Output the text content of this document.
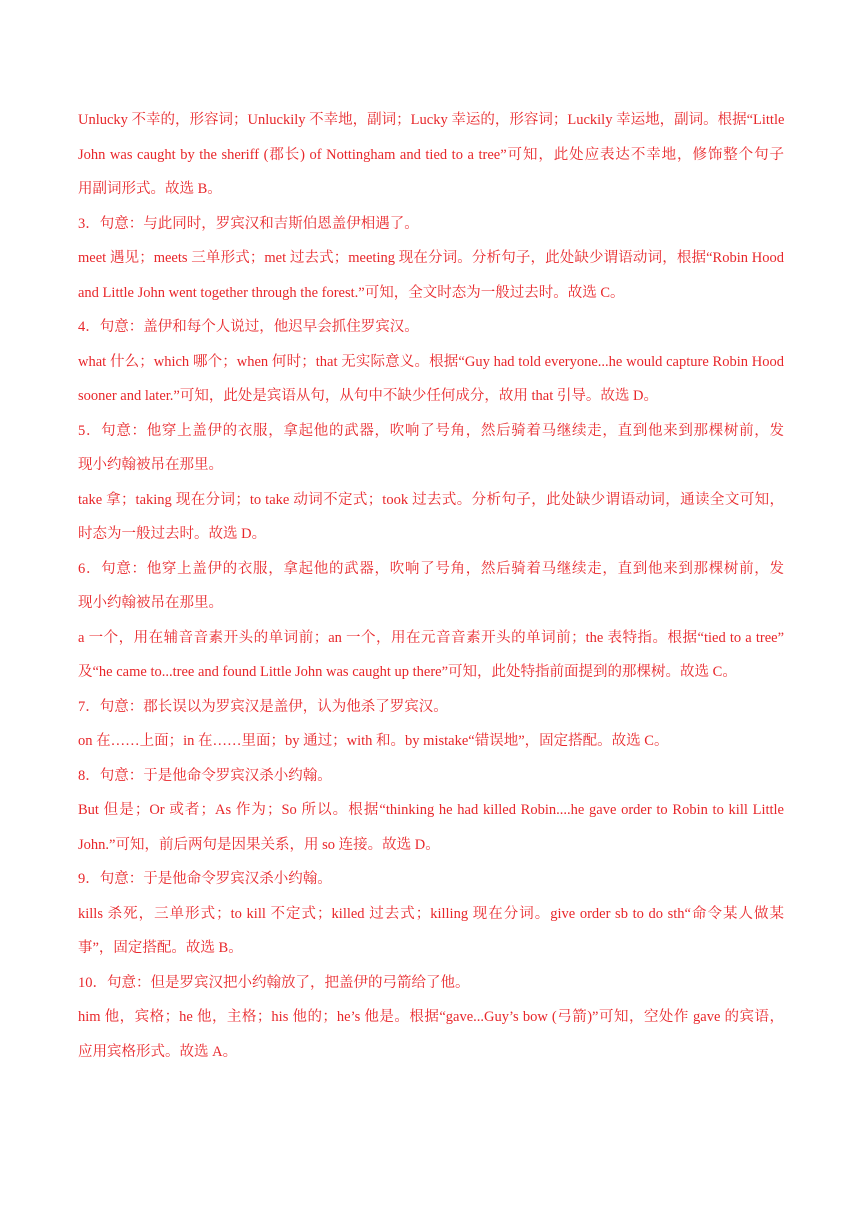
Unlucky 不幸的，形容词；Unluckily 不幸地，副词；Lucky 幸运的，形容词；Luckily 幸运地，副词。根据“Little
John was caught by the sheriff (郡长) of Nottingham and tied to a tree”可知，此处应表达不幸地，修饰整个句子
用副词形式。故选 B。
3．句意：与此同时，罗宾汉和吉斯伯恩盖伊相遇了。
meet 遇见；meets 三单形式；met 过去式；meeting 现在分词。分析句子，此处缺少谓语动词，根据“Robin Hood
and Little John went together through the forest.”可知，全文时态为一般过去时。故选 C。
4．句意：盖伊和每个人说过，他迟早会抓住罗宾汉。
what 什么；which 哪个；when 何时；that 无实际意义。根据“Guy had told everyone...he would capture Robin Hood
sooner and later.”可知，此处是宾语从句，从句中不缺少任何成分，故用 that 引导。故选 D。
5．句意：他穿上盖伊的衣服，拿起他的武器，吹响了号角，然后骑着马继续走，直到他来到那棵树前，发
现小约翰被吊在那里。
take 拿；taking 现在分词；to take 动词不定式；took 过去式。分析句子，此处缺少谓语动词，通读全文可知，
时态为一般过去时。故选 D。
6．句意：他穿上盖伊的衣服，拿起他的武器，吹响了号角，然后骑着马继续走，直到他来到那棵树前，发
现小约翰被吊在那里。
a 一个，用在辅音音素开头的单词前；an 一个，用在元音音素开头的单词前；the 表特指。根据“tied to a tree”
及“he came to...tree and found Little John was caught up there”可知，此处特指前面提到的那棵树。故选 C。
7．句意：郡长误以为罗宾汉是盖伊，认为他杀了罗宾汉。
on 在……上面；in 在……里面；by 通过；with 和。by mistake“错误地”，固定搭配。故选 C。
8．句意：于是他命令罗宾汉杀小约翰。
But 但是；Or 或者；As 作为；So 所以。根据“thinking he had killed Robin....he gave order to Robin to kill Little
John.”可知，前后两句是因果关系，用 so 连接。故选 D。
9．句意：于是他命令罗宾汉杀小约翰。
kills 杀死，三单形式；to kill 不定式；killed 过去式；killing 现在分词。give order sb to do sth“命令某人做某
事”，固定搭配。故选 B。
10．句意：但是罗宾汉把小约翰放了，把盖伊的弓箭给了他。
him 他，宾格；he 他，主格；his 他的；he’s 他是。根据“gave...Guy’s bow (弓箭)”可知，空处作 gave 的宾语，
应用宾格形式。故选 A。
